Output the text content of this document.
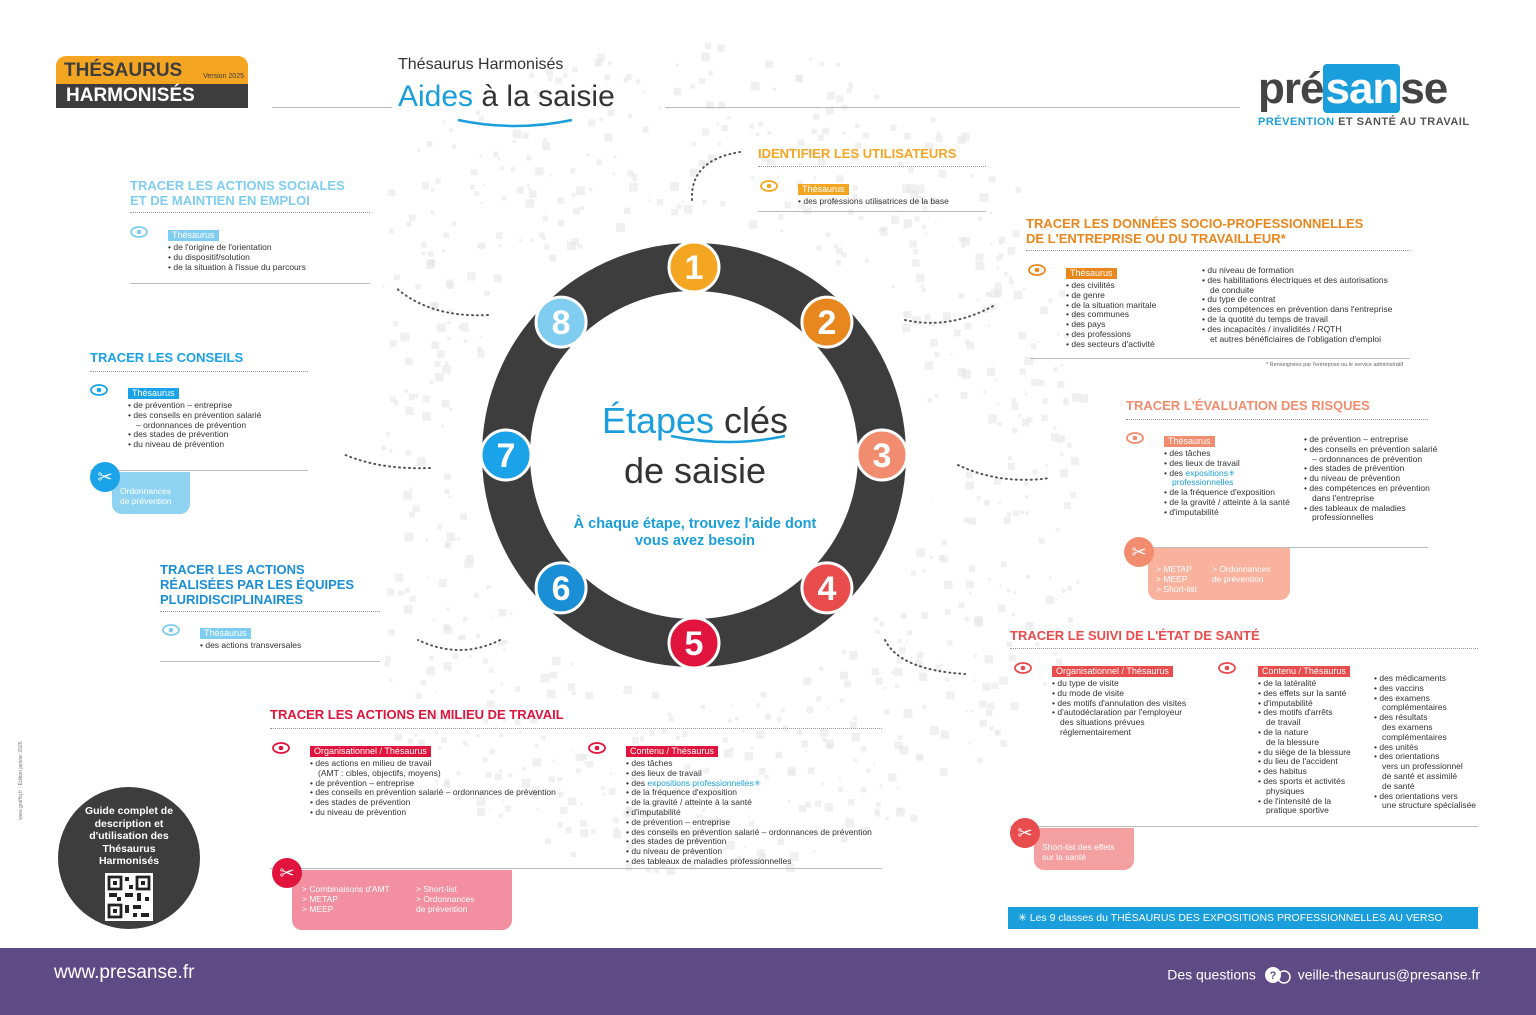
THÉSAURUS	Version 2025
HARMONISÉS
Thésaurus Harmonisés
Aides à la saisie	présanse
PRÉVENTION ET SANTÉ AU TRAVAIL
1
2
3
4
5
6
7
8
Étapes clés
de saisie
À chaque étape, trouvez l'aide dont vous avez besoin
IDENTIFIER LES UTILISATEURS
Thésaurus
• des professions utilisatrices de la base
TRACER LES DONNÉES SOCIO-PROFESSIONNELLES
DE L'ENTREPRISE OU DU TRAVAILLEUR*
Thésaurus
• des civilités
• de genre
• de la situation maritale
• des communes
• des pays
• des professions
• des secteurs d'activité
• du niveau de formation
• des habilitations électriques et des autorisations
de conduite
• du type de contrat
• des compétences en prévention dans l'entreprise
• de la quotité du temps de travail
• des incapacités / invalidités / RQTH
et autres bénéficiaires de l'obligation d'emploi
* Renseignées par l'entreprise ou le service administratif
TRACER L'ÉVALUATION DES RISQUES
Thésaurus
• des tâches
• des lieux de travail
• des expositions✳
professionnelles
• de la fréquence d'exposition
• de la gravité / atteinte à la santé
• d'imputabilité
• de prévention – entreprise
• des conseils en prévention salarié
– ordonnances de prévention
• des stades de prévention
• du niveau de prévention
• des compétences en prévention
dans l'entreprise
• des tableaux de maladies
professionnelles
> METAP
> MEEP
> Short-list
> Ordonnances
de prévention
✂
TRACER LE SUIVI DE L'ÉTAT DE SANTÉ
Organisationnel / Thésaurus
• du type de visite
• du mode de visite
• des motifs d'annulation des visites
• d'autodéclaration par l'employeur
des situations prévues
réglementairement
Contenu / Thésaurus
• de la latéralité
• des effets sur la santé
• d'imputabilité
• des motifs d'arrêts
de travail
• de la nature
de la blessure
• du siège de la blessure
• du lieu de l'accident
• des habitus
• des sports et activités
physiques
• de l'intensité de la
pratique sportive
• des médicaments
• des vaccins
• des examens
complémentaires
• des résultats
des examens
complémentaires
• des unités
• des orientations
vers un professionnel
de santé et assimilé
de santé
• des orientations vers
une structure spécialisée
Short-list des effets
sur la santé
✂
TRACER LES ACTIONS EN MILIEU DE TRAVAIL
Organisationnel / Thésaurus
• des actions en milieu de travail
(AMT : cibles, objectifs, moyens)
• de prévention – entreprise
• des conseils en prévention salarié – ordonnances de prévention
• des stades de prévention
• du niveau de prévention
Contenu / Thésaurus
• des tâches
• des lieux de travail
• des expositions professionnelles✳
• de la fréquence d'exposition
• de la gravité / atteinte à la santé
• d'imputabilité
• de prévention – entreprise
• des conseils en prévention salarié – ordonnances de prévention
• des stades de prévention
• du niveau de prévention
• des tableaux de maladies professionnelles
> Combinaisons d'AMT
> METAP
> MEEP
> Short-list
> Ordonnances
de prévention
✂
TRACER LES ACTIONS
RÉALISÉES PAR LES ÉQUIPES
PLURIDISCIPLINAIRES
Thésaurus
• des actions transversales
TRACER LES CONSEILS
Thésaurus
• de prévention – entreprise
• des conseils en prévention salarié
– ordonnances de prévention
• des stades de prévention
• du niveau de prévention
Ordonnances
de prévention
✂
TRACER LES ACTIONS SOCIALES
ET DE MAINTIEN EN EMPLOI
Thésaurus
• de l'origine de l'orientation
• du dispositif/solution
• de la situation à l'issue du parcours
Guide complet de description et d'utilisation des Thésaurus Harmonisés
www.graffiq.fr - Édition janvier 2025
✳ Les 9 classes du THÉSAURUS DES EXPOSITIONS PROFESSIONNELLES AU VERSO
www.presanse.fr	Des questions ? veille-thesaurus@presanse.fr
